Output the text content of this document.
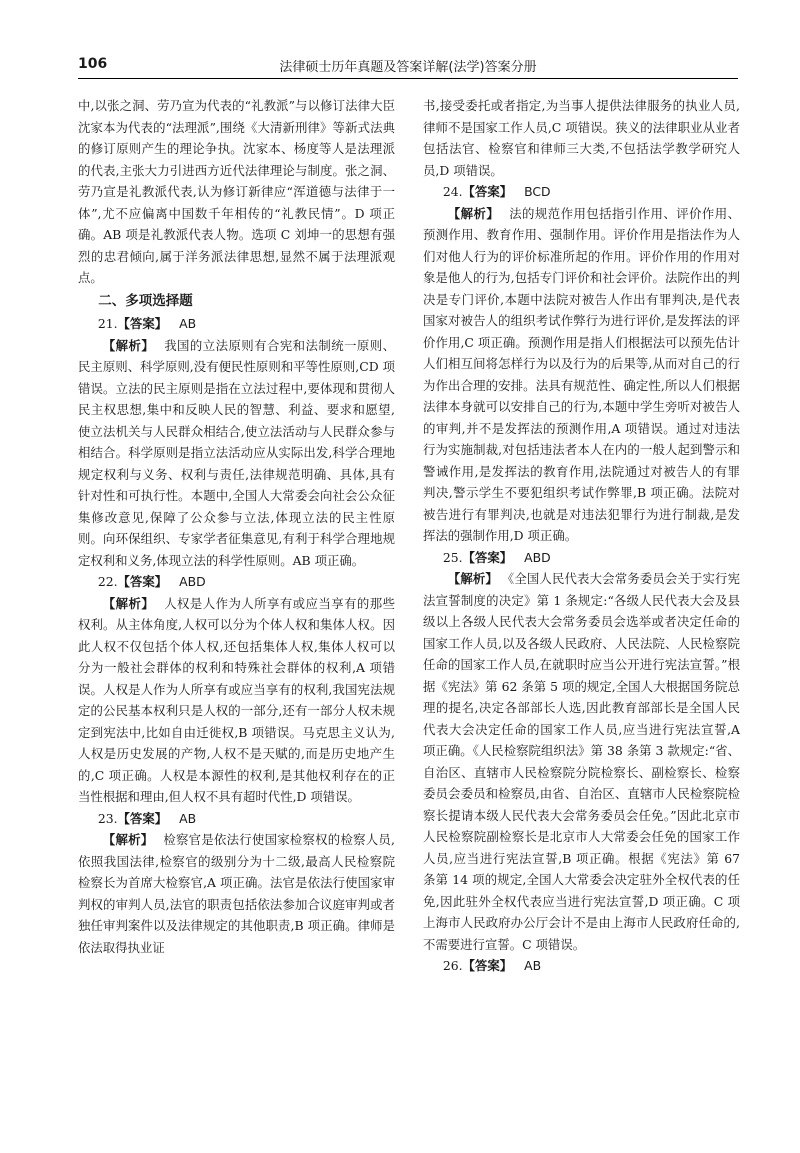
106	法律硕士历年真题及答案详解(法学)答案分册

中,以张之洞、劳乃宣为代表的“礼教派”与以修订法律大臣沈家本为代表的“法理派”,围绕《大清新刑律》等新式法典的修订原则产生的理论争执。沈家本、杨度等人是法理派的代表,主张大力引进西方近代法律理论与制度。张之洞、劳乃宣是礼教派代表,认为修订新律应“浑道德与法律于一体”,尤不应偏离中国数千年相传的“礼教民情”。D 项正确。AB 项是礼教派代表人物。选项 C 刘坤一的思想有强烈的忠君倾向,属于洋务派法律思想,显然不属于法理派观点。

二、多项选择题

21.【答案】 AB

【解析】 我国的立法原则有合宪和法制统一原则、民主原则、科学原则,没有便民性原则和平等性原则,CD 项错误。立法的民主原则是指在立法过程中,要体现和贯彻人民主权思想,集中和反映人民的智慧、利益、要求和愿望,使立法机关与人民群众相结合,使立法活动与人民群众参与相结合。科学原则是指立法活动应从实际出发,科学合理地规定权利与义务、权利与责任,法律规范明确、具体,具有针对性和可执行性。本题中,全国人大常委会向社会公众征集修改意见,保障了公众参与立法,体现立法的民主性原则。向环保组织、专家学者征集意见,有利于科学合理地规定权利和义务,体现立法的科学性原则。AB 项正确。

22.【答案】 ABD

【解析】 人权是人作为人所享有或应当享有的那些权利。从主体角度,人权可以分为个体人权和集体人权。因此人权不仅包括个体人权,还包括集体人权,集体人权可以分为一般社会群体的权利和特殊社会群体的权利,A 项错误。人权是人作为人所享有或应当享有的权利,我国宪法规定的公民基本权利只是人权的一部分,还有一部分人权未规定到宪法中,比如自由迁徙权,B 项错误。马克思主义认为,人权是历史发展的产物,人权不是天赋的,而是历史地产生的,C 项正确。人权是本源性的权利,是其他权利存在的正当性根据和理由,但人权不具有超时代性,D 项错误。

23.【答案】 AB

【解析】 检察官是依法行使国家检察权的检察人员,依照我国法律,检察官的级别分为十二级,最高人民检察院检察长为首席大检察官,A 项正确。法官是依法行使国家审判权的审判人员,法官的职责包括依法参加合议庭审判或者独任审判案件以及法律规定的其他职责,B 项正确。律师是依法取得执业证

书,接受委托或者指定,为当事人提供法律服务的执业人员,律师不是国家工作人员,C 项错误。狭义的法律职业从业者包括法官、检察官和律师三大类,不包括法学教学研究人员,D 项错误。

24.【答案】 BCD

【解析】 法的规范作用包括指引作用、评价作用、预测作用、教育作用、强制作用。评价作用是指法作为人们对他人行为的评价标准所起的作用。评价作用的作用对象是他人的行为,包括专门评价和社会评价。法院作出的判决是专门评价,本题中法院对被告人作出有罪判决,是代表国家对被告人的组织考试作弊行为进行评价,是发挥法的评价作用,C 项正确。预测作用是指人们根据法可以预先估计人们相互间将怎样行为以及行为的后果等,从而对自己的行为作出合理的安排。法具有规范性、确定性,所以人们根据法律本身就可以安排自己的行为,本题中学生旁听对被告人的审判,并不是发挥法的预测作用,A 项错误。通过对违法行为实施制裁,对包括违法者本人在内的一般人起到警示和警诫作用,是发挥法的教育作用,法院通过对被告人的有罪判决,警示学生不要犯组织考试作弊罪,B 项正确。法院对被告进行有罪判决,也就是对违法犯罪行为进行制裁,是发挥法的强制作用,D 项正确。

25.【答案】 ABD

【解析】 《全国人民代表大会常务委员会关于实行宪法宣誓制度的决定》第 1 条规定:“各级人民代表大会及县级以上各级人民代表大会常务委员会选举或者决定任命的国家工作人员,以及各级人民政府、人民法院、人民检察院任命的国家工作人员,在就职时应当公开进行宪法宣誓。”根据《宪法》第 62 条第 5 项的规定,全国人大根据国务院总理的提名,决定各部部长人选,因此教育部部长是全国人民代表大会决定任命的国家工作人员,应当进行宪法宣誓,A 项正确。《人民检察院组织法》第 38 条第 3 款规定:“省、自治区、直辖市人民检察院分院检察长、副检察长、检察委员会委员和检察员,由省、自治区、直辖市人民检察院检察长提请本级人民代表大会常务委员会任免。”因此北京市人民检察院副检察长是北京市人大常委会任免的国家工作人员,应当进行宪法宣誓,B 项正确。根据《宪法》第 67 条第 14 项的规定,全国人大常委会决定驻外全权代表的任免,因此驻外全权代表应当进行宪法宣誓,D 项正确。C 项上海市人民政府办公厅会计不是由上海市人民政府任命的,不需要进行宣誓。C 项错误。

26.【答案】 AB
